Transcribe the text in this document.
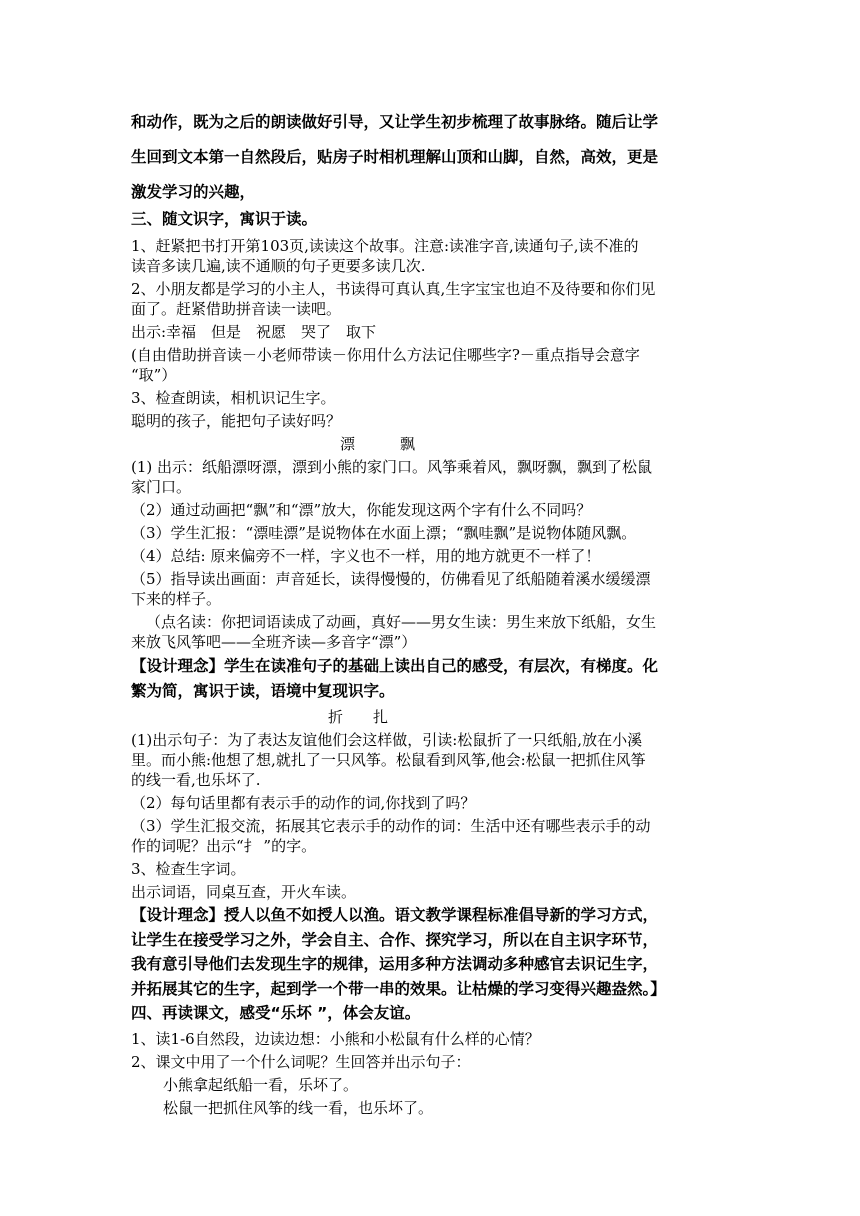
和动作，既为之后的朗读做好引导，又让学生初步梳理了故事脉络。随后让学
生回到文本第一自然段后，贴房子时相机理解山顶和山脚，自然，高效，更是
激发学习的兴趣，
三、随文识字，寓识于读。
1、赶紧把书打开第103页,读读这个故事。注意:读准字音,读通句子,读不准的
读音多读几遍,读不通顺的句子更要多读几次.
2、小朋友都是学习的小主人，书读得可真认真,生字宝宝也迫不及待要和你们见
面了。赶紧借助拼音读一读吧。
出示:幸福　但是　祝愿　哭了　取下
(自由借助拼音读－小老师带读－你用什么方法记住哪些字?－重点指导会意字
“取”）
3、检查朗读，相机识记生字。
聪明的孩子，能把句子读好吗？
漂　　　飘
(1) 出示：纸船漂呀漂，漂到小熊的家门口。风筝乘着风，飘呀飘，飘到了松鼠
家门口。
（2）通过动画把“飘”和“漂”放大，你能发现这两个字有什么不同吗？
（3）学生汇报：“漂哇漂”是说物体在水面上漂；“飘哇飘”是说物体随风飘。
（4）总结: 原来偏旁不一样，字义也不一样，用的地方就更不一样了！
（5）指导读出画面：声音延长，读得慢慢的，仿佛看见了纸船随着溪水缓缓漂
下来的样子。
（点名读：你把词语读成了动画，真好——男女生读：男生来放下纸船，女生
来放飞风筝吧——全班齐读—多音字“漂”）
【设计理念】学生在读准句子的基础上读出自己的感受，有层次，有梯度。化
繁为简，寓识于读，语境中复现识字。
折　　扎
(1)出示句子：为了表达友谊他们会这样做，引读:松鼠折了一只纸船,放在小溪
里。而小熊:他想了想,就扎了一只风筝。松鼠看到风筝,他会:松鼠一把抓住风筝
的线一看,也乐坏了.
（2）每句话里都有表示手的动作的词,你找到了吗？
（3）学生汇报交流，拓展其它表示手的动作的词：生活中还有哪些表示手的动
作的词呢？出示“扌 ”的字。
3、检查生字词。
出示词语，同桌互查，开火车读。
【设计理念】授人以鱼不如授人以渔。语文教学课程标准倡导新的学习方式，
让学生在接受学习之外，学会自主、合作、探究学习，所以在自主识字环节，
我有意引导他们去发现生字的规律，运用多种方法调动多种感官去识记生字，
并拓展其它的生字，起到学一个带一串的效果。让枯燥的学习变得兴趣盎然。】
四、再读课文，感受“乐坏 ”，体会友谊。
1、读1-6自然段，边读边想：小熊和小松鼠有什么样的心情？
2、课文中用了一个什么词呢？生回答并出示句子：
小熊拿起纸船一看，乐坏了。
松鼠一把抓住风筝的线一看，也乐坏了。
